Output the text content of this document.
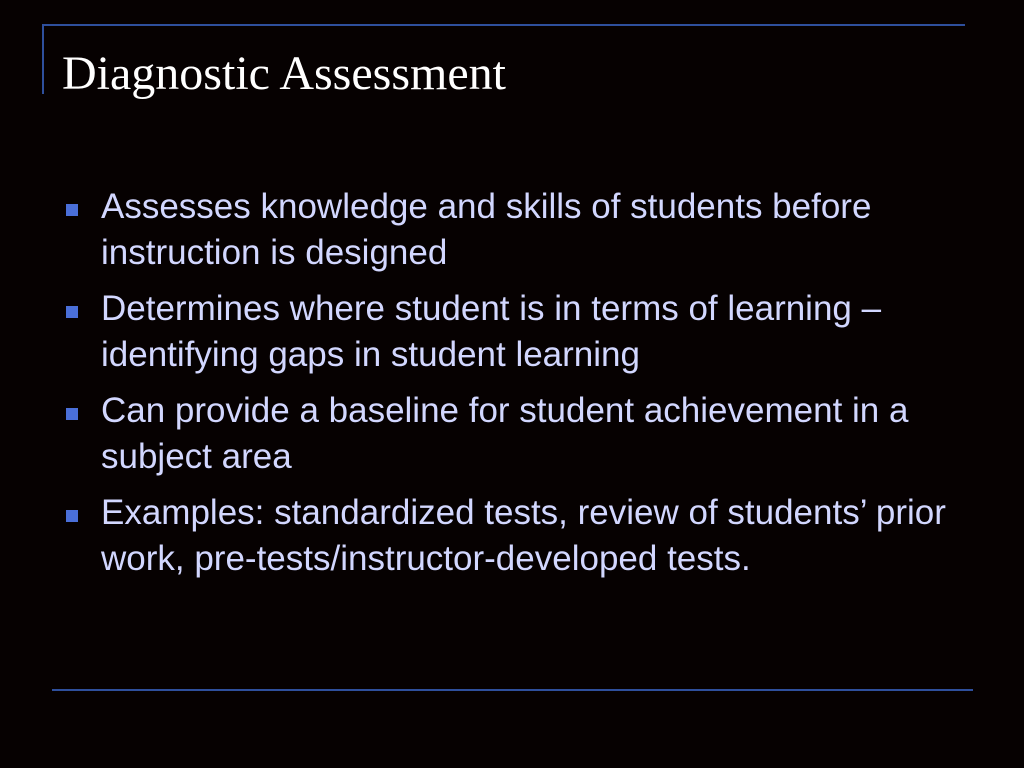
Diagnostic Assessment
Assesses knowledge and skills of students before instruction is designed
Determines where student is in terms of learning – identifying gaps in student learning
Can provide a baseline for student achievement in a subject area
Examples: standardized tests, review of students’ prior work, pre-tests/instructor-developed tests.
